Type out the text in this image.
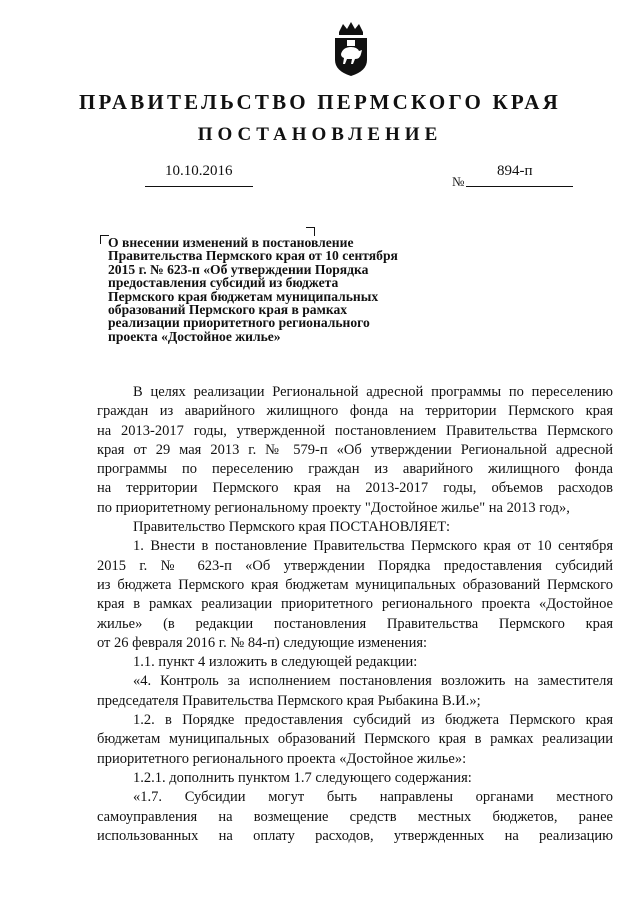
ПРАВИТЕЛЬСТВО ПЕРМСКОГО КРАЯ
ПОСТАНОВЛЕНИЕ
10.10.2016
№
894-п
О внесении изменений в постановление
Правительства Пермского края от 10 сентября
2015 г. № 623-п «Об утверждении Порядка
предоставления субсидий из бюджета
Пермского края бюджетам муниципальных
образований Пермского края в рамках
реализации приоритетного регионального
проекта «Достойное жилье»
В целях реализации Региональной адресной программы по переселению
граждан из аварийного жилищного фонда на территории Пермского края
на 2013-2017 годы, утвержденной постановлением Правительства Пермского
края от 29 мая 2013 г. № 579-п «Об утверждении Региональной адресной
программы по переселению граждан из аварийного жилищного фонда
на территории Пермского края на 2013-2017 годы, объемов расходов
по приоритетному региональному проекту "Достойное жилье" на 2013 год»,
Правительство Пермского края ПОСТАНОВЛЯЕТ:
1. Внести в постановление Правительства Пермского края от 10 сентября
2015 г. № 623-п «Об утверждении Порядка предоставления субсидий
из бюджета Пермского края бюджетам муниципальных образований Пермского
края в рамках реализации приоритетного регионального проекта «Достойное
жилье» (в редакции постановления Правительства Пермского края
от 26 февраля 2016 г. № 84-п) следующие изменения:
1.1. пункт 4 изложить в следующей редакции:
«4. Контроль за исполнением постановления возложить на заместителя
председателя Правительства Пермского края Рыбакина В.И.»;
1.2. в Порядке предоставления субсидий из бюджета Пермского края
бюджетам муниципальных образований Пермского края в рамках реализации
приоритетного регионального проекта «Достойное жилье»:
1.2.1. дополнить пунктом 1.7 следующего содержания:
«1.7. Субсидии могут быть направлены органами местного
самоуправления на возмещение средств местных бюджетов, ранее
использованных на оплату расходов, утвержденных на реализацию
